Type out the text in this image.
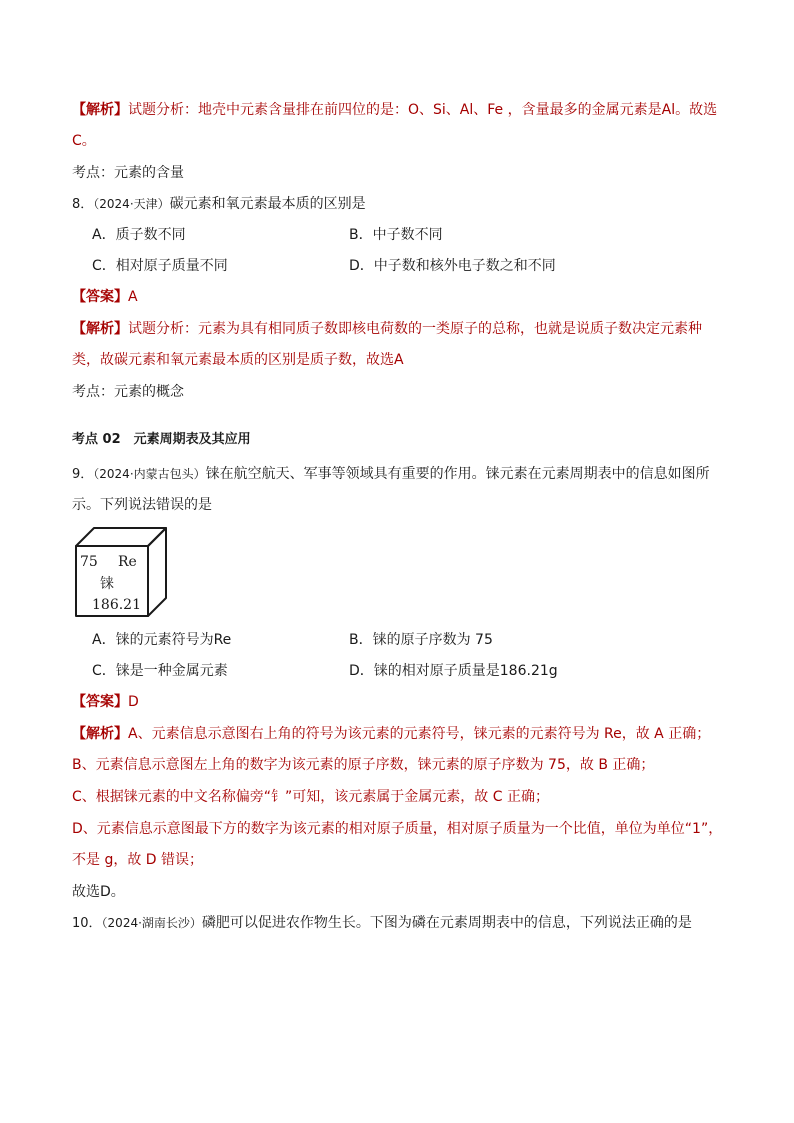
【解析】试题分析：地壳中元素含量排在前四位的是：O、Si、Al、Fe ，含量最多的金属元素是Al。故选
C。
考点：元素的含量
8．（2024·天津）碳元素和氧元素最本质的区别是
A．质子数不同	B．中子数不同
C．相对原子质量不同	D．中子数和核外电子数之和不同
【答案】A
【解析】试题分析：元素为具有相同质子数即核电荷数的一类原子的总称，也就是说质子数决定元素种
类，故碳元素和氧元素最本质的区别是质子数，故选A
考点：元素的概念
考点 02　元素周期表及其应用
9．（2024·内蒙古包头）铼在航空航天、军事等领域具有重要的作用。铼元素在元素周期表中的信息如图所
示。下列说法错误的是
75 Re
铼
186.21
A．铼的元素符号为Re	B．铼的原子序数为 75
C．铼是一种金属元素	D．铼的相对原子质量是186.21g
【答案】D
【解析】A、元素信息示意图右上角的符号为该元素的元素符号，铼元素的元素符号为 Re，故 A 正确；
B、元素信息示意图左上角的数字为该元素的原子序数，铼元素的原子序数为 75，故 B 正确；
C、根据铼元素的中文名称偏旁“钅”可知，该元素属于金属元素，故 C 正确；
D、元素信息示意图最下方的数字为该元素的相对原子质量，相对原子质量为一个比值，单位为单位“1”，
不是 g，故 D 错误；
故选D。
10．（2024·湖南长沙）磷肥可以促进农作物生长。下图为磷在元素周期表中的信息，下列说法正确的是
